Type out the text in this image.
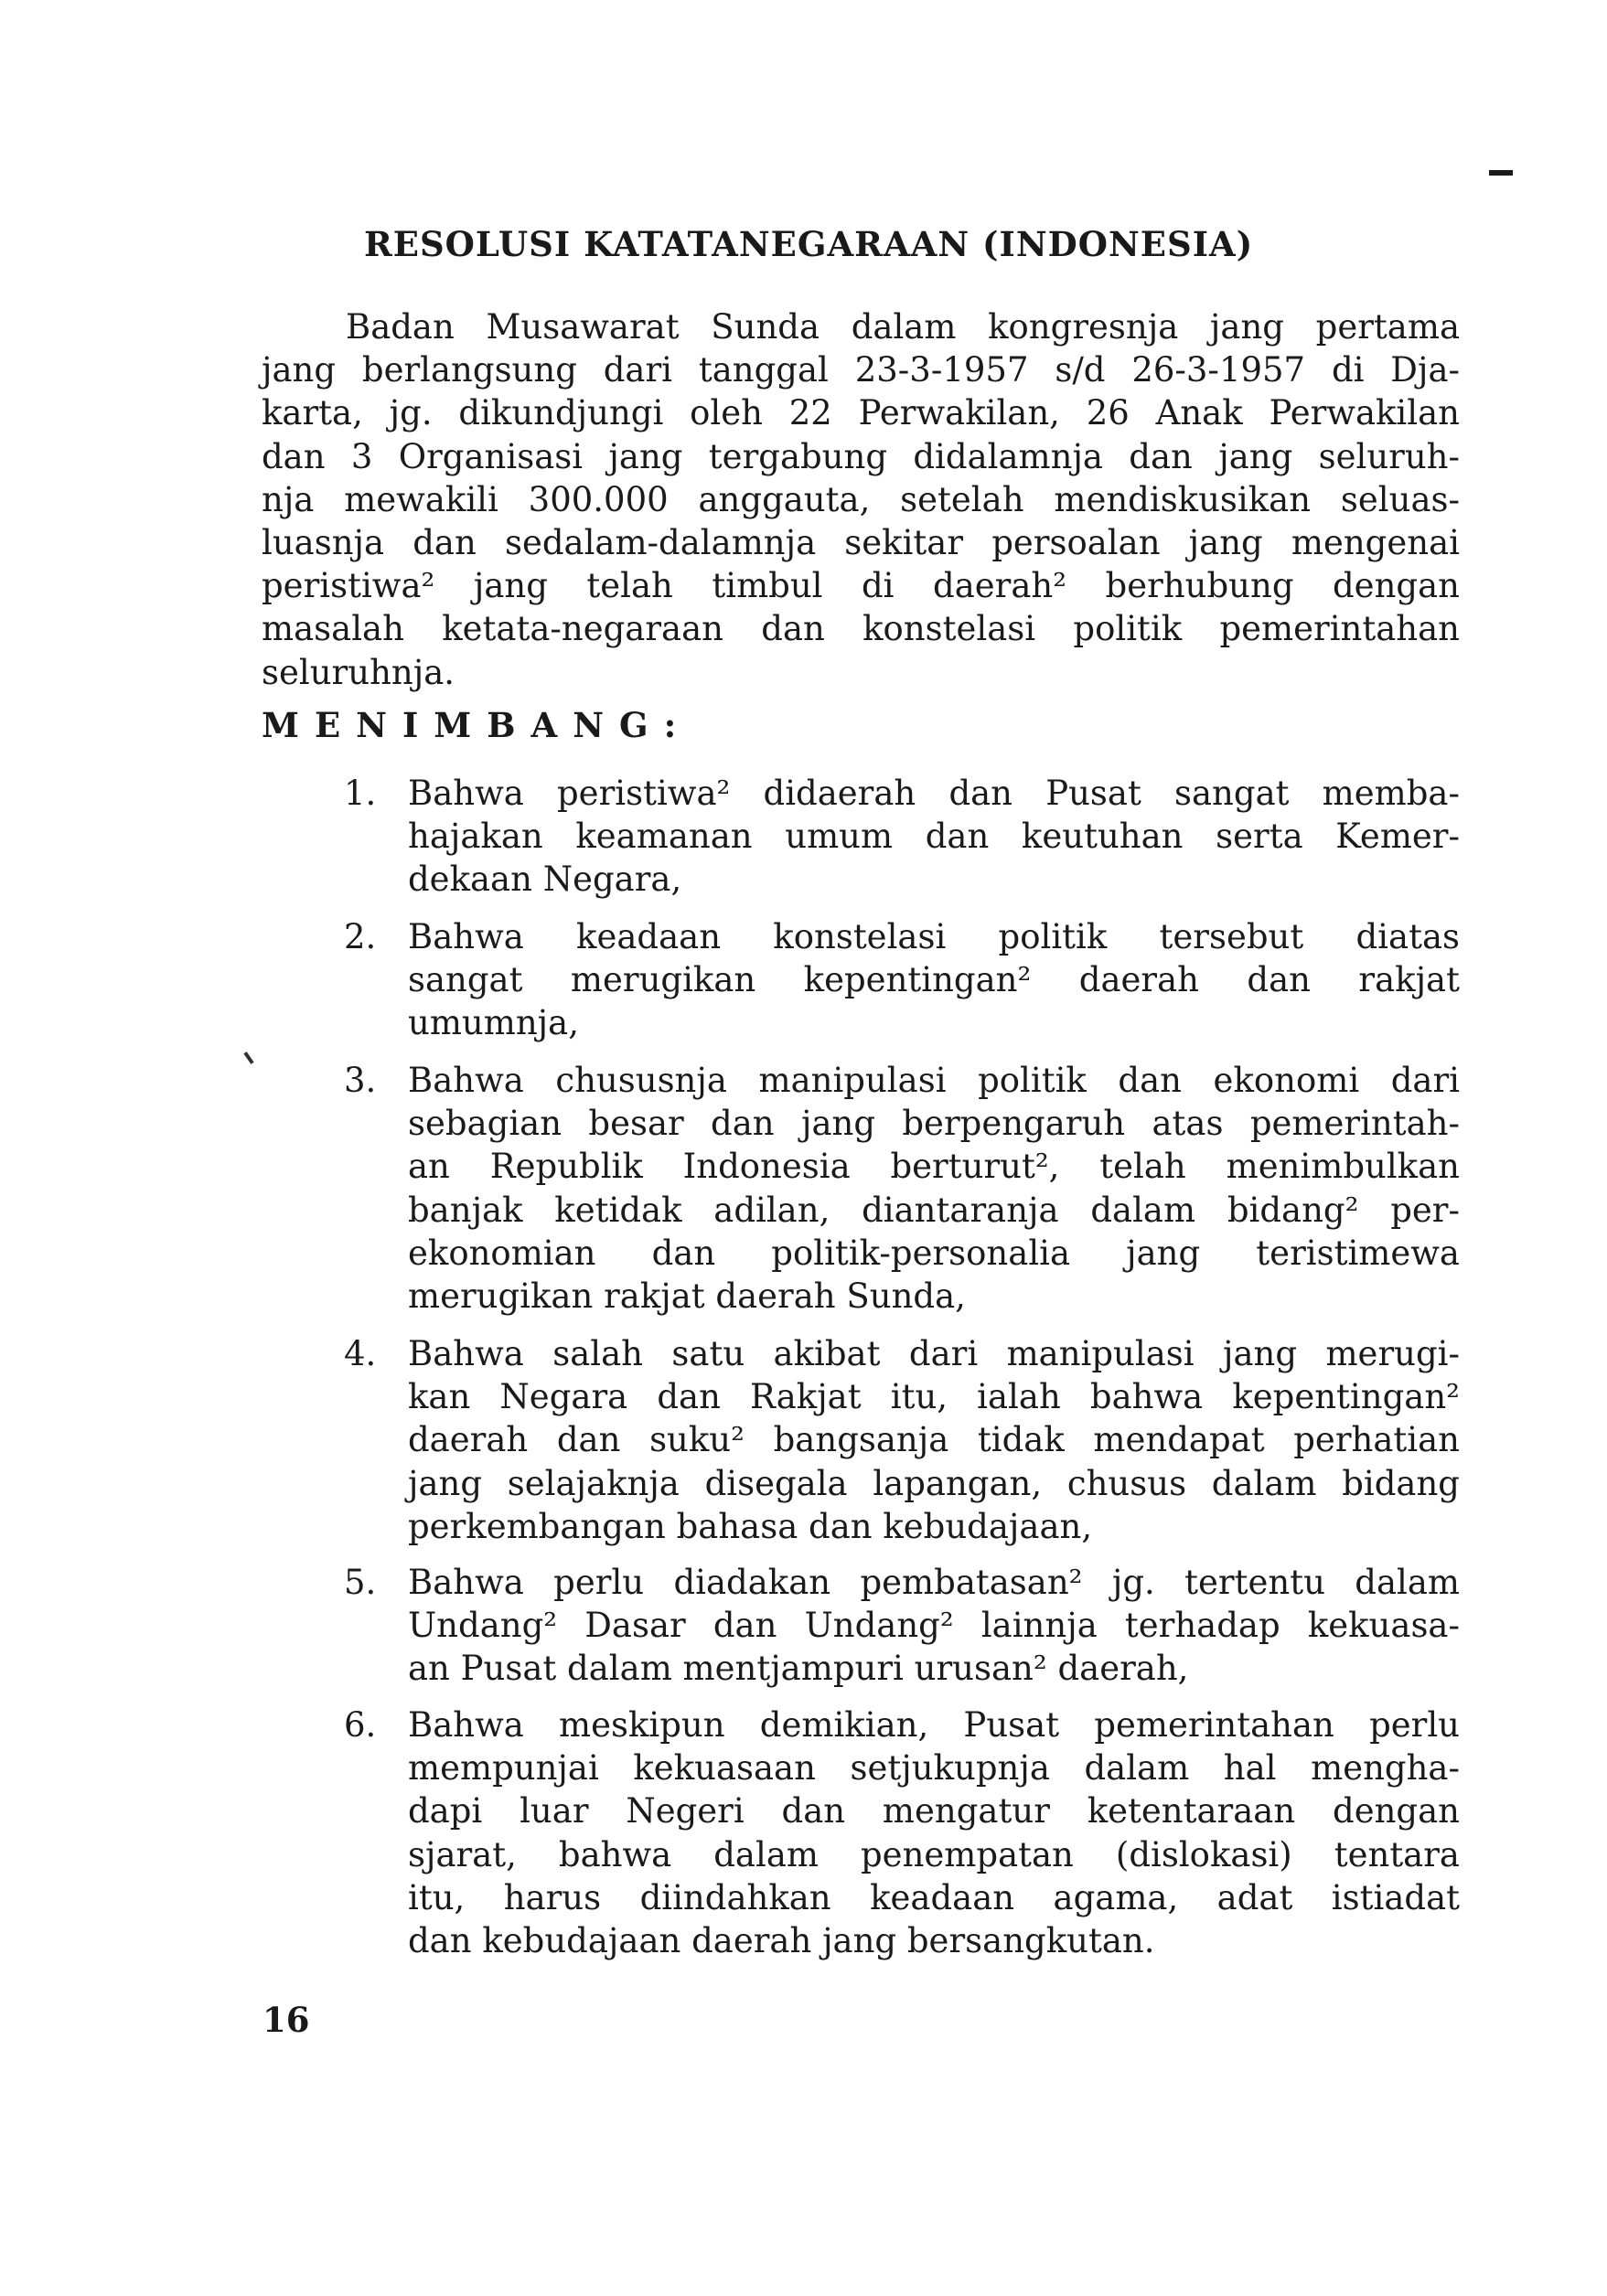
RESOLUSI KATATANEGARAAN (INDONESIA)

Badan Musawarat Sunda dalam kongresnja jang pertama
jang berlangsung dari tanggal 23-3-1957 s/d 26-3-1957 di Dja-
karta, jg. dikundjungi oleh 22 Perwakilan, 26 Anak Perwakilan
dan 3 Organisasi jang tergabung didalamnja dan jang seluruh-
nja mewakili 300.000 anggauta, setelah mendiskusikan seluas-
luasnja dan sedalam-dalamnja sekitar persoalan jang mengenai
peristiwa² jang telah timbul di daerah² berhubung dengan
masalah ketata-negaraan dan konstelasi politik pemerintahan
seluruhnja.

MENIMBANG:
1. Bahwa peristiwa² didaerah dan Pusat sangat memba-
hajakan keamanan umum dan keutuhan serta Kemer-
dekaan Negara,
2. Bahwa keadaan konstelasi politik tersebut diatas
sangat merugikan kepentingan² daerah dan rakjat
umumnja,
3. Bahwa chususnja manipulasi politik dan ekonomi dari
sebagian besar dan jang berpengaruh atas pemerintah-
an Republik Indonesia berturut², telah menimbulkan
banjak ketidak adilan, diantaranja dalam bidang² per-
ekonomian dan politik-personalia jang teristimewa
merugikan rakjat daerah Sunda,
4. Bahwa salah satu akibat dari manipulasi jang merugi-
kan Negara dan Rakjat itu, ialah bahwa kepentingan²
daerah dan suku² bangsanja tidak mendapat perhatian
jang selajaknja disegala lapangan, chusus dalam bidang
perkembangan bahasa dan kebudajaan,
5. Bahwa perlu diadakan pembatasan² jg. tertentu dalam
Undang² Dasar dan Undang² lainnja terhadap kekuasa-
an Pusat dalam mentjampuri urusan² daerah,
6. Bahwa meskipun demikian, Pusat pemerintahan perlu
mempunjai kekuasaan setjukupnja dalam hal mengha-
dapi luar Negeri dan mengatur ketentaraan dengan
sjarat, bahwa dalam penempatan (dislokasi) tentara
itu, harus diindahkan keadaan agama, adat istiadat
dan kebudajaan daerah jang bersangkutan.

16
